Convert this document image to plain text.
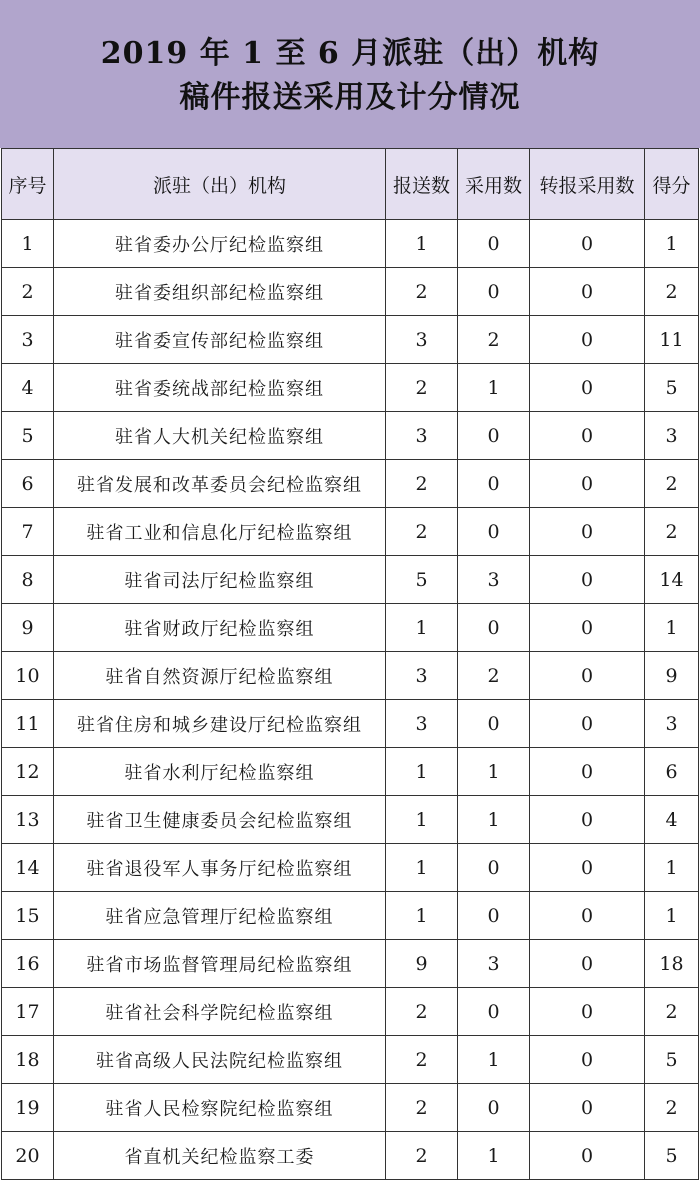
2019 年 1 至 6 月派驻（出）机构
稿件报送采用及计分情况
序号	派驻（出）机构	报送数	采用数	转报采用数	得分
1	驻省委办公厅纪检监察组	1	0	0	1
2	驻省委组织部纪检监察组	2	0	0	2
3	驻省委宣传部纪检监察组	3	2	0	11
4	驻省委统战部纪检监察组	2	1	0	5
5	驻省人大机关纪检监察组	3	0	0	3
6	驻省发展和改革委员会纪检监察组	2	0	0	2
7	驻省工业和信息化厅纪检监察组	2	0	0	2
8	驻省司法厅纪检监察组	5	3	0	14
9	驻省财政厅纪检监察组	1	0	0	1
10	驻省自然资源厅纪检监察组	3	2	0	9
11	驻省住房和城乡建设厅纪检监察组	3	0	0	3
12	驻省水利厅纪检监察组	1	1	0	6
13	驻省卫生健康委员会纪检监察组	1	1	0	4
14	驻省退役军人事务厅纪检监察组	1	0	0	1
15	驻省应急管理厅纪检监察组	1	0	0	1
16	驻省市场监督管理局纪检监察组	9	3	0	18
17	驻省社会科学院纪检监察组	2	0	0	2
18	驻省高级人民法院纪检监察组	2	1	0	5
19	驻省人民检察院纪检监察组	2	0	0	2
20	省直机关纪检监察工委	2	1	0	5
